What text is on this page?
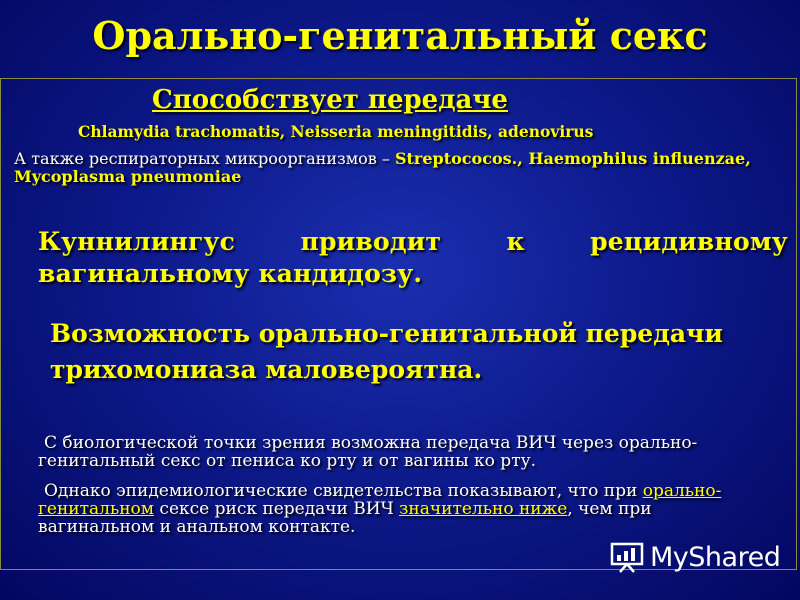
Орально-генитальный секс
Способствует передаче
Chlamydia trachomatis, Neisseria meningitidis, adenovirus
А также респираторных микроорганизмов – Streptococos., Haemophilus influenzae, Mycoplasma pneumoniae
Куннилингус приводит к рецидивному вагинальному кандидозу.
Возможность орально-генитальной передачи трихомониаза маловероятна.
С биологической точки зрения возможна передача ВИЧ через орально-генитальный секс от пениса ко рту и от вагины ко рту.
Однако эпидемиологические свидетельства показывают, что при орально-генитальном сексе риск передачи ВИЧ значительно ниже, чем при вагинальном и анальном контакте.
MyShared
